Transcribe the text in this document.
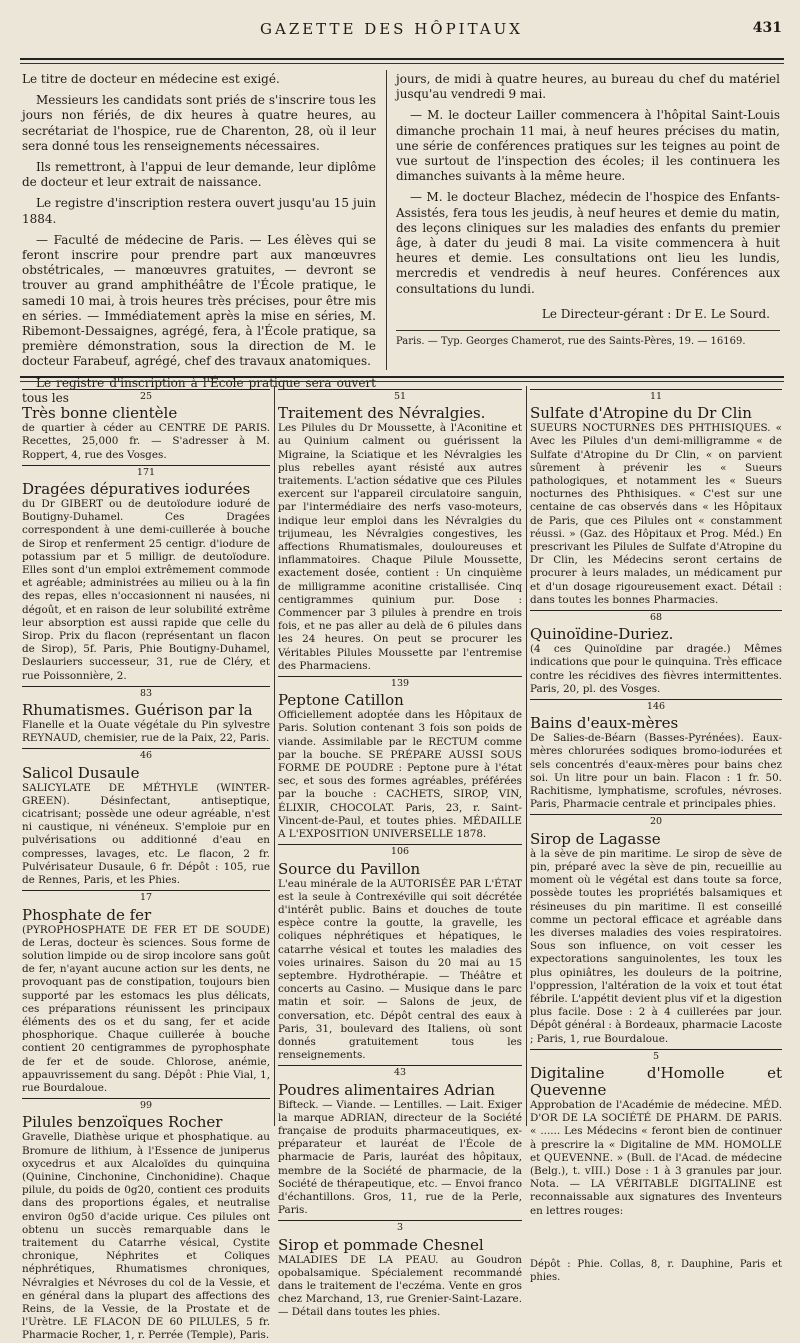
GAZETTE DES HÔPITAUX	431

Le titre de docteur en médecine est exigé.

Messieurs les candidats sont priés de s'inscrire tous les jours non fériés, de dix heures à quatre heures, au secrétariat de l'hospice, rue de Charenton, 28, où il leur sera donné tous les renseignements nécessaires.

Ils remettront, à l'appui de leur demande, leur diplôme de docteur et leur extrait de naissance.

Le registre d'inscription restera ouvert jusqu'au 15 juin 1884.

— Faculté de médecine de Paris. — Les élèves qui se feront inscrire pour prendre part aux manœuvres obstétricales, — manœuvres gratuites, — devront se trouver au grand amphithéâtre de l'École pratique, le samedi 10 mai, à trois heures très précises, pour être mis en séries. — Immédiatement après la mise en séries, M. Ribemont-Dessaignes, agrégé, fera, à l'École pratique, sa première démonstration, sous la direction de M. le docteur Farabeuf, agrégé, chef des travaux anatomiques.

Le registre d'inscription à l'École pratique sera ouvert tous les

jours, de midi à quatre heures, au bureau du chef du matériel jusqu'au vendredi 9 mai.

— M. le docteur Lailler commencera à l'hôpital Saint-Louis dimanche prochain 11 mai, à neuf heures précises du matin, une série de conférences pratiques sur les teignes au point de vue surtout de l'inspection des écoles; il les continuera les dimanches suivants à la même heure.

— M. le docteur Blachez, médecin de l'hospice des Enfants-Assistés, fera tous les jeudis, à neuf heures et demie du matin, des leçons cliniques sur les maladies des enfants du premier âge, à dater du jeudi 8 mai. La visite commencera à huit heures et demie. Les consultations ont lieu les lundis, mercredis et vendredis à neuf heures. Conférences aux consultations du lundi.

Le Directeur-gérant : Dr E. Le Sourd.
Paris. — Typ. Georges Chamerot, rue des Saints-Pères, 19. — 16169.
25

Très bonne clientèle

de quartier à céder au CENTRE DE PARIS. Recettes, 25,000 fr. — S'adresser à M. Roppert, 4, rue des Vosges.

171

Dragées dépuratives iodurées

du Dr GIBERT ou de deutoïodure ioduré de Boutigny-Duhamel. Ces Dragées correspondent à une demi-cuillerée à bouche de Sirop et renferment 25 centigr. d'iodure de potassium par et 5 milligr. de deutoïodure. Elles sont d'un emploi extrêmement commode et agréable; administrées au milieu ou à la fin des repas, elles n'occasionnent ni nausées, ni dégoût, et en raison de leur solubilité extrême leur absorption est aussi rapide que celle du Sirop. Prix du flacon (représentant un flacon de Sirop), 5f. Paris, Phie Boutigny-Duhamel, Deslauriers successeur, 31, rue de Cléry, et rue Poissonnière, 2.

83

Rhumatismes. Guérison par la

Flanelle et la Ouate végétale du Pin sylvestre REYNAUD, chemisier, rue de la Paix, 22, Paris.

46

Salicol Dusaule

SALICYLATE DE MÉTHYLE (WINTER-GREEN). Désinfectant, antiseptique, cicatrisant; possède une odeur agréable, n'est ni caustique, ni vénéneux. S'emploie pur en pulvérisations ou additionné d'eau en compresses, lavages, etc. Le flacon, 2 fr. Pulvérisateur Dusaule, 6 fr. Dépôt : 105, rue de Rennes, Paris, et les Phies.

17

Phosphate de fer

(PYROPHOSPHATE DE FER ET DE SOUDE) de Leras, docteur ès sciences. Sous forme de solution limpide ou de sirop incolore sans goût de fer, n'ayant aucune action sur les dents, ne provoquant pas de constipation, toujours bien supporté par les estomacs les plus délicats, ces préparations réunissent les principaux éléments des os et du sang, fer et acide phosphorique. Chaque cuillerée à bouche contient 20 centigrammes de pyrophosphate de fer et de soude. Chlorose, anémie, appauvrissement du sang. Dépôt : Phie Vial, 1, rue Bourdaloue.

99

Pilules benzoïques Rocher

Gravelle, Diathèse urique et phosphatique. au Bromure de lithium, à l'Essence de juniperus oxycedrus et aux Alcaloïdes du quinquina (Quinine, Cinchonine, Cinchonidine). Chaque pilule, du poids de 0g20, contient ces produits dans des proportions égales, et neutralise environ 0g50 d'acide urique. Ces pilules ont obtenu un succès remarquable dans le traitement du Catarrhe vésical, Cystite chronique, Néphrites et Coliques néphrétiques, Rhumatismes chroniques, Névralgies et Névroses du col de la Vessie, et en général dans la plupart des affections des Reins, de la Vessie, de la Prostate et de l'Urètre. LE FLACON DE 60 PILULES, 5 fr. Pharmacie Rocher, 1, r. Perrée (Temple), Paris.

51

Traitement des Névralgies.

Les Pilules du Dr Moussette, à l'Aconitine et au Quinium calment ou guérissent la Migraine, la Sciatique et les Névralgies les plus rebelles ayant résisté aux autres traitements. L'action sédative que ces Pilules exercent sur l'appareil circulatoire sanguin, par l'intermédiaire des nerfs vaso-moteurs, indique leur emploi dans les Névralgies du trijumeau, les Névralgies congestives, les affections Rhumatismales, douloureuses et inflammatoires. Chaque Pilule Moussette, exactement dosée, contient : Un cinquième de milligramme aconitine cristallisée. Cinq centigrammes quinium pur. Dose : Commencer par 3 pilules à prendre en trois fois, et ne pas aller au delà de 6 pilules dans les 24 heures. On peut se procurer les Véritables Pilules Moussette par l'entremise des Pharmaciens.

139

Peptone Catillon

Officiellement adoptée dans les Hôpitaux de Paris. Solution contenant 3 fois son poids de viande. Assimilable par le RECTUM comme par la bouche. SE PRÉPARE AUSSI SOUS FORME DE POUDRE : Peptone pure à l'état sec, et sous des formes agréables, préférées par la bouche : CACHETS, SIROP, VIN, ÉLIXIR, CHOCOLAT. Paris, 23, r. Saint-Vincent-de-Paul, et toutes phies. MÉDAILLE A L'EXPOSITION UNIVERSELLE 1878.

106

Source du Pavillon

L'eau minérale de la AUTORISÉE PAR L'ÉTAT est la seule à Contrexéville qui soit décrétée d'intérêt public. Bains et douches de toute espèce contre la goutte, la gravelle, les coliques néphrétiques et hépatiques, le catarrhe vésical et toutes les maladies des voies urinaires. Saison du 20 mai au 15 septembre. Hydrothérapie. — Théâtre et concerts au Casino. — Musique dans le parc matin et soir. — Salons de jeux, de conversation, etc. Dépôt central des eaux à Paris, 31, boulevard des Italiens, où sont donnés gratuitement tous les renseignements.

43

Poudres alimentaires Adrian

Bifteck. — Viande. — Lentilles. — Lait. Exiger la marque ADRIAN, directeur de la Société française de produits pharmaceutiques, ex-préparateur et lauréat de l'École de pharmacie de Paris, lauréat des hôpitaux, membre de la Société de pharmacie, de la Société de thérapeutique, etc. — Envoi franco d'échantillons. Gros, 11, rue de la Perle, Paris.

3

Sirop et pommade Chesnel

MALADIES DE LA PEAU. au Goudron opobalsamique. Spécialement recommandé dans le traitement de l'eczéma. Vente en gros chez Marchand, 13, rue Grenier-Saint-Lazare. — Détail dans toutes les phies.

11

Sulfate d'Atropine du Dr Clin

SUEURS NOCTURNES DES PHTHISIQUES. « Avec les Pilules d'un demi-milligramme « de Sulfate d'Atropine du Dr Clin, « on parvient sûrement à prévenir les « Sueurs pathologiques, et notamment les « Sueurs nocturnes des Phthisiques. « C'est sur une centaine de cas observés dans « les Hôpitaux de Paris, que ces Pilules ont « constamment réussi. » (Gaz. des Hôpitaux et Prog. Méd.) En prescrivant les Pilules de Sulfate d'Atropine du Dr Clin, les Médecins seront certains de procurer à leurs malades, un médicament pur et d'un dosage rigoureusement exact. Détail : dans toutes les bonnes Pharmacies.

68

Quinoïdine-Duriez.

(4 ces Quinoïdine par dragée.) Mêmes indications que pour le quinquina. Très efficace contre les récidives des fièvres intermittentes. Paris, 20, pl. des Vosges.

146

Bains d'eaux-mères

De Salies-de-Béarn (Basses-Pyrénées). Eaux-mères chlorurées sodiques bromo-iodurées et sels concentrés d'eaux-mères pour bains chez soi. Un litre pour un bain. Flacon : 1 fr. 50. Rachitisme, lymphatisme, scrofules, névroses. Paris, Pharmacie centrale et principales phies.

20

Sirop de Lagasse

à la sève de pin maritime. Le sirop de sève de pin, préparé avec la sève de pin, recueillie au moment où le végétal est dans toute sa force, possède toutes les propriétés balsamiques et résineuses du pin maritime. Il est conseillé comme un pectoral efficace et agréable dans les diverses maladies des voies respiratoires. Sous son influence, on voit cesser les expectorations sanguinolentes, les toux les plus opiniâtres, les douleurs de la poitrine, l'oppression, l'altération de la voix et tout état fébrile. L'appétit devient plus vif et la digestion plus facile. Dose : 2 à 4 cuillerées par jour. Dépôt général : à Bordeaux, pharmacie Lacoste ; Paris, 1, rue Bourdaloue.

5

Digitaline d'Homolle et Quevenne

Approbation de l'Académie de médecine. MÉD. D'OR DE LA SOCIÉTÉ DE PHARM. DE PARIS. « ...... Les Médecins « feront bien de continuer à prescrire la « Digitaline de MM. HOMOLLE et QUEVENNE. » (Bull. de l'Acad. de médecine (Belg.), t. vIII.) Dose : 1 à 3 granules par jour. Nota. — LA VÉRITABLE DIGITALINE est reconnaissable aux signatures des Inventeurs en lettres rouges:

Dépôt : Phie. Collas, 8, r. Dauphine, Paris et phies.
